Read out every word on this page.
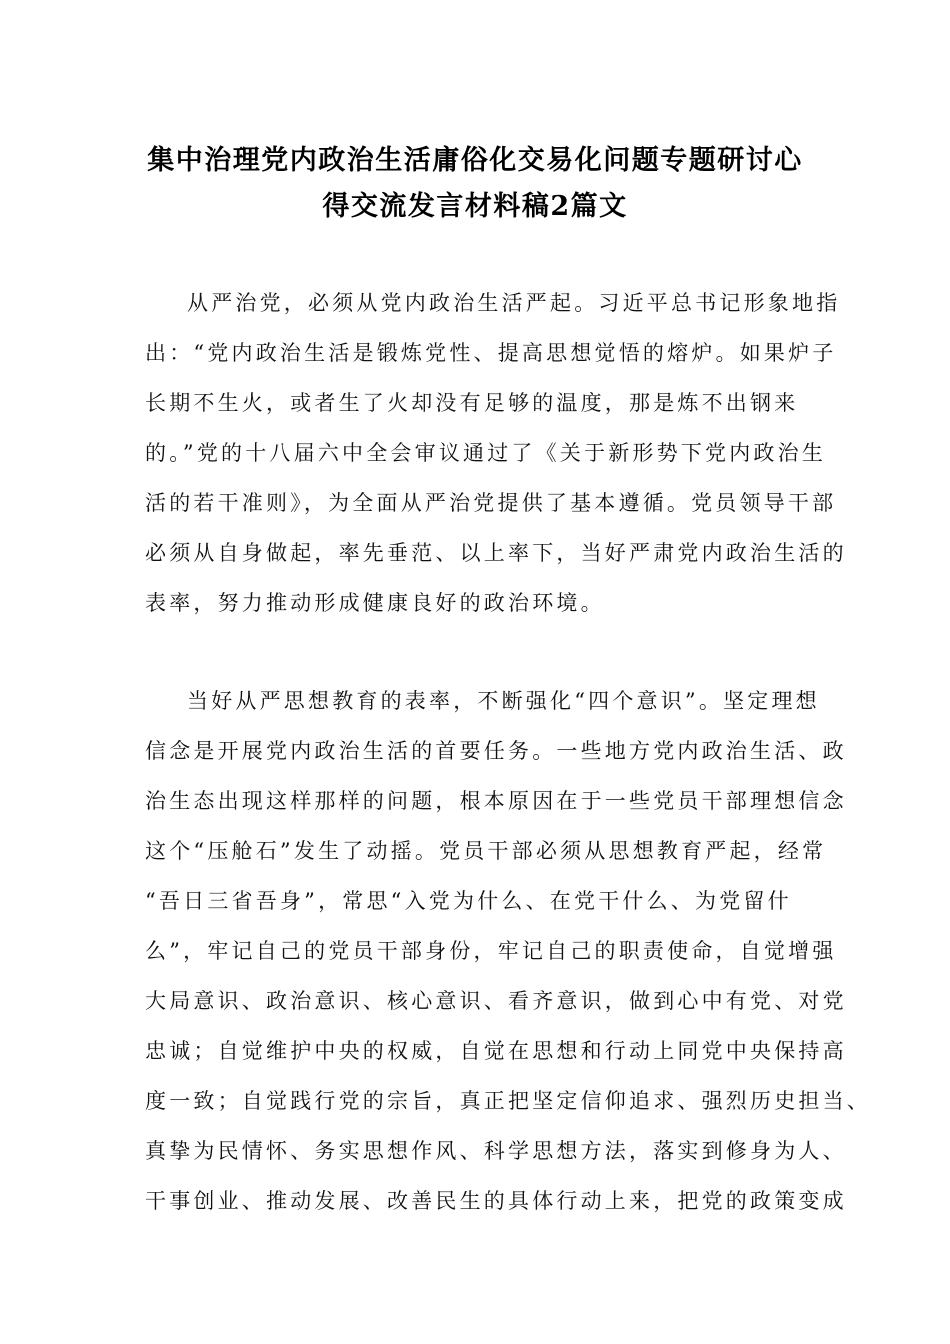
集中治理党内政治生活庸俗化交易化问题专题研讨心
得交流发言材料稿2篇文
从严治党，必须从党内政治生活严起。习近平总书记形象地指
出：“党内政治生活是锻炼党性、提高思想觉悟的熔炉。如果炉子
长期不生火，或者生了火却没有足够的温度，那是炼不出钢来
的。”党的十八届六中全会审议通过了《关于新形势下党内政治生
活的若干准则》，为全面从严治党提供了基本遵循。党员领导干部
必须从自身做起，率先垂范、以上率下，当好严肃党内政治生活的
表率，努力推动形成健康良好的政治环境。
当好从严思想教育的表率，不断强化“四个意识”。坚定理想
信念是开展党内政治生活的首要任务。一些地方党内政治生活、政
治生态出现这样那样的问题，根本原因在于一些党员干部理想信念
这个“压舱石”发生了动摇。党员干部必须从思想教育严起，经常
“吾日三省吾身”，常思“入党为什么、在党干什么、为党留什
么”，牢记自己的党员干部身份，牢记自己的职责使命，自觉增强
大局意识、政治意识、核心意识、看齐意识，做到心中有党、对党
忠诚；自觉维护中央的权威，自觉在思想和行动上同党中央保持高
度一致；自觉践行党的宗旨，真正把坚定信仰追求、强烈历史担当、
真挚为民情怀、务实思想作风、科学思想方法，落实到修身为人、
干事创业、推动发展、改善民生的具体行动上来，把党的政策变成
